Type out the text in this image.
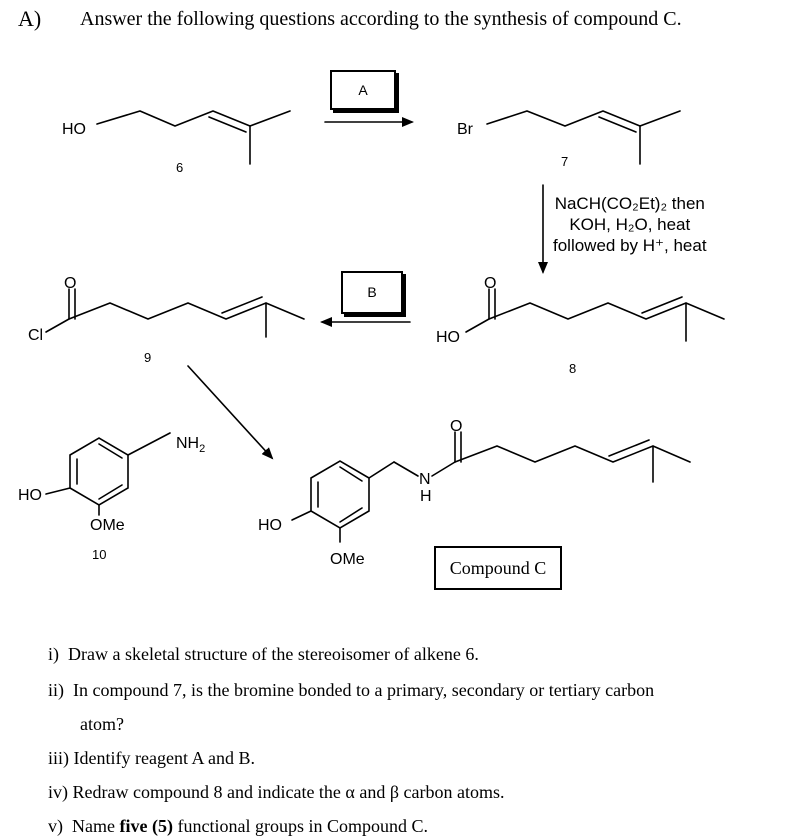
A) Answer the following questions according to the synthesis of compound C.
HO
6
Br
7
O
Cl
9
O
HO
8
HO
$NH_2$
OMe
10
O
N
H
HO
OMe
A
B
NaCH(CO₂Et)₂ then
KOH, H₂O, heat
followed by H⁺, heat
Compound C
i) Draw a skeletal structure of the stereoisomer of alkene 6.
ii) In compound 7, is the bromine bonded to a primary, secondary or tertiary carbon
atom?
iii) Identify reagent A and B.
iv) Redraw compound 8 and indicate the α and β carbon atoms.
v) Name five (5) functional groups in Compound C.
